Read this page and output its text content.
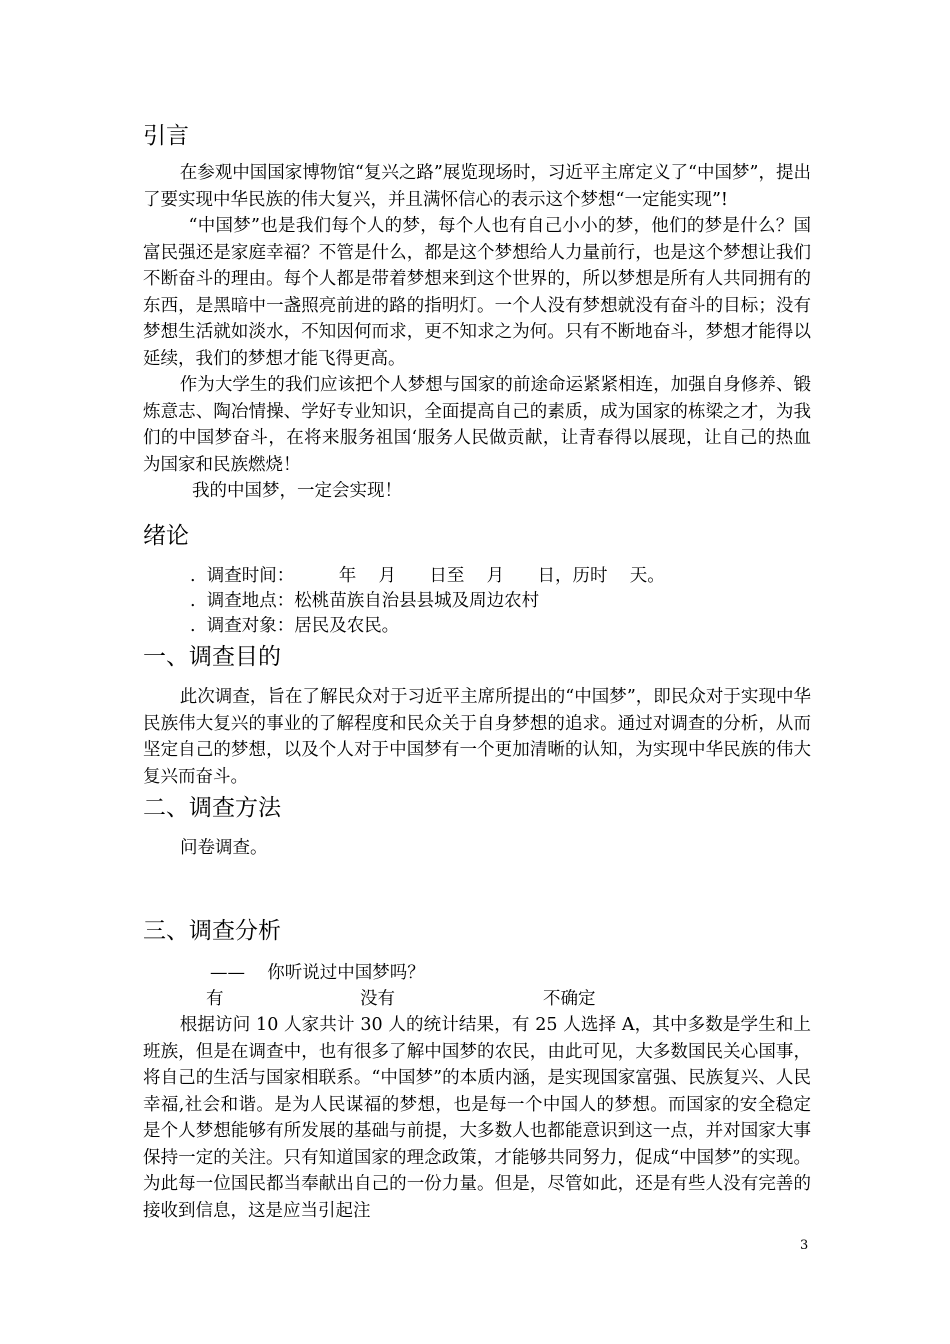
引言

在参观中国国家博物馆“复兴之路”展览现场时，习近平主席定义了“中国梦”，提出了要实现中华民族的伟大复兴，并且满怀信心的表示这个梦想“一定能实现”!

“中国梦”也是我们每个人的梦，每个人也有自己小小的梦，他们的梦是什么？国富民强还是家庭幸福？不管是什么，都是这个梦想给人力量前行，也是这个梦想让我们不断奋斗的理由。每个人都是带着梦想来到这个世界的，所以梦想是所有人共同拥有的东西，是黑暗中一盏照亮前进的路的指明灯。一个人没有梦想就没有奋斗的目标；没有梦想生活就如淡水，不知因何而求，更不知求之为何。只有不断地奋斗，梦想才能得以延续，我们的梦想才能飞得更高。

作为大学生的我们应该把个人梦想与国家的前途命运紧紧相连，加强自身修养、锻炼意志、陶冶情操、学好专业知识，全面提高自己的素质，成为国家的栋梁之才，为我们的中国梦奋斗，在将来服务祖国‘服务人民做贡献，让青春得以展现，让自己的热血为国家和民族燃烧！

我的中国梦，一定会实现！

绪论
.  调查时间：        年    月      日至    月      日，历时    天。
.  调查地点：松桃苗族自治县县城及周边农村
.  调查对象：居民及农民。
一、调查目的

此次调查，旨在了解民众对于习近平主席所提出的“中国梦”，即民众对于实现中华民族伟大复兴的事业的了解程度和民众关于自身梦想的追求。通过对调查的分析，从而坚定自己的梦想，以及个人对于中国梦有一个更加清晰的认知，为实现中华民族的伟大复兴而奋斗。

二、调查方法
问卷调查。
三、调查分析
——    你听说过中国梦吗？
有	没有	不确定

根据访问 10 人家共计 30 人的统计结果，有 25 人选择 A，其中多数是学生和上班族，但是在调查中，也有很多了解中国梦的农民，由此可见，大多数国民关心国事，将自己的生活与国家相联系。“中国梦”的本质内涵，是实现国家富强、民族复兴、人民幸福,社会和谐。是为人民谋福的梦想，也是每一个中国人的梦想。而国家的安全稳定是个人梦想能够有所发展的基础与前提，大多数人也都能意识到这一点，并对国家大事保持一定的关注。只有知道国家的理念政策，才能够共同努力，促成“中国梦”的实现。为此每一位国民都当奉献出自己的一份力量。但是，尽管如此，还是有些人没有完善的接收到信息，这是应当引起注

3
